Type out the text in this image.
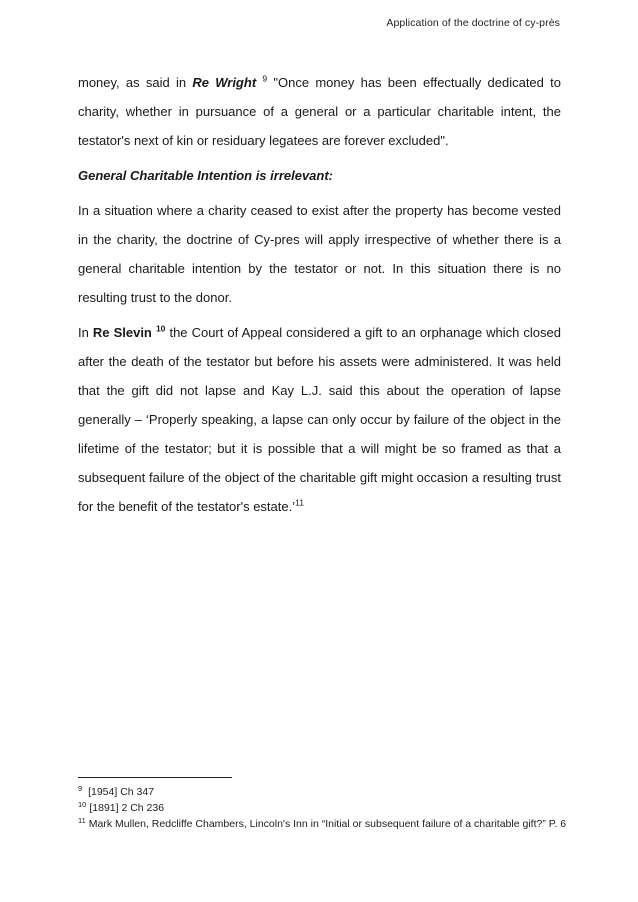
Application of the doctrine of cy-près

money, as said in Re Wright $^9$ "Once money has been effectually dedicated to charity, whether in pursuance of a general or a particular charitable intent, the testator's next of kin or residuary legatees are forever excluded".

General Charitable Intention is irrelevant:

In a situation where a charity ceased to exist after the property has become vested in the charity, the doctrine of Cy-pres will apply irrespective of whether there is a general charitable intention by the testator or not. In this situation there is no resulting trust to the donor.

In Re Slevin $^{10}$ the Court of Appeal considered a gift to an orphanage which closed after the death of the testator but before his assets were administered. It was held that the gift did not lapse and Kay L.J. said this about the operation of lapse generally – ‘Properly speaking, a lapse can only occur by failure of the object in the lifetime of the testator; but it is possible that a will might be so framed as that a subsequent failure of the object of the charitable gift might occasion a resulting trust for the benefit of the testator's estate.’$^{11}$

$^9$ [1954] Ch 347
$^{10}$ [1891] 2 Ch 236
$^{11}$ Mark Mullen, Redcliffe Chambers, Lincoln's Inn in “Initial or subsequent failure of a charitable gift?” P. 6
